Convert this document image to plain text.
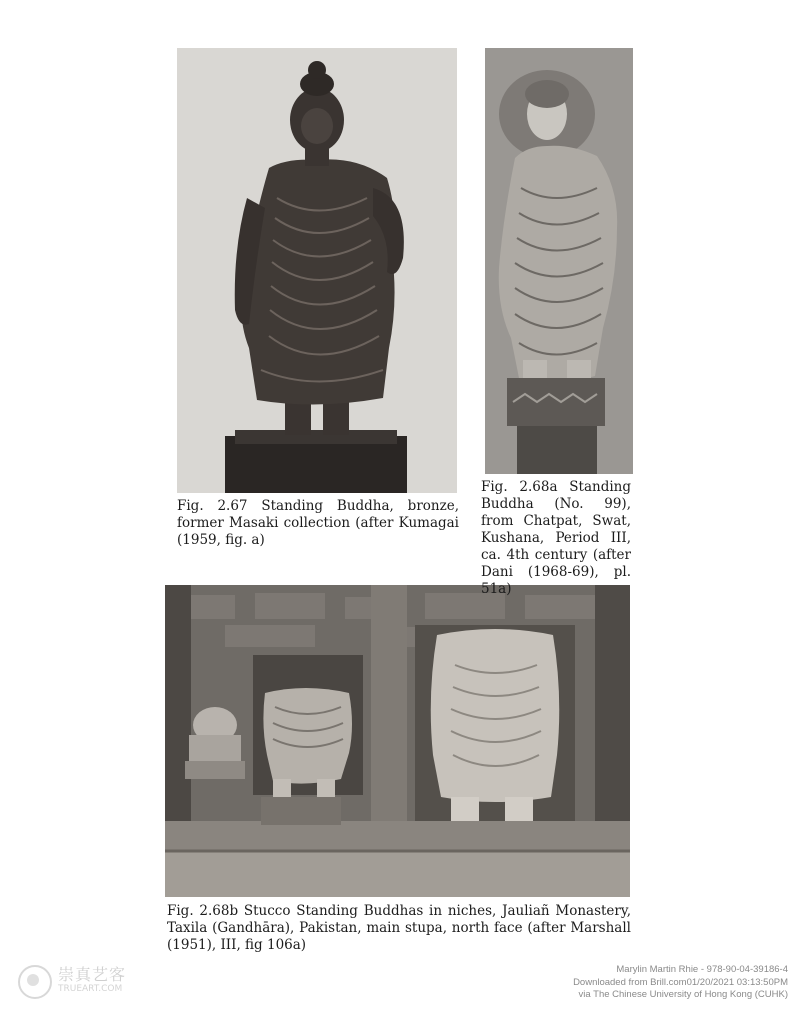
Fig. 2.67 Standing Buddha, bronze, former Masaki collection (after Kumagai (1959, fig. a)
Fig. 2.68a Standing Buddha (No. 99), from Chatpat, Swat, Kushana, Period III, ca. 4th century (after Dani (1968-69), pl. 51a)
Fig. 2.68b Stucco Standing Buddhas in niches, Jauliañ Monastery, Taxila (Gandhāra), Pakistan, main stupa, north face (after Marshall (1951), III, fig 106a)
崇真艺客
TRUEART.COM
Marylin Martin Rhie - 978-90-04-39186-4
Downloaded from Brill.com01/20/2021 03:13:50PM
via The Chinese University of Hong Kong (CUHK)
